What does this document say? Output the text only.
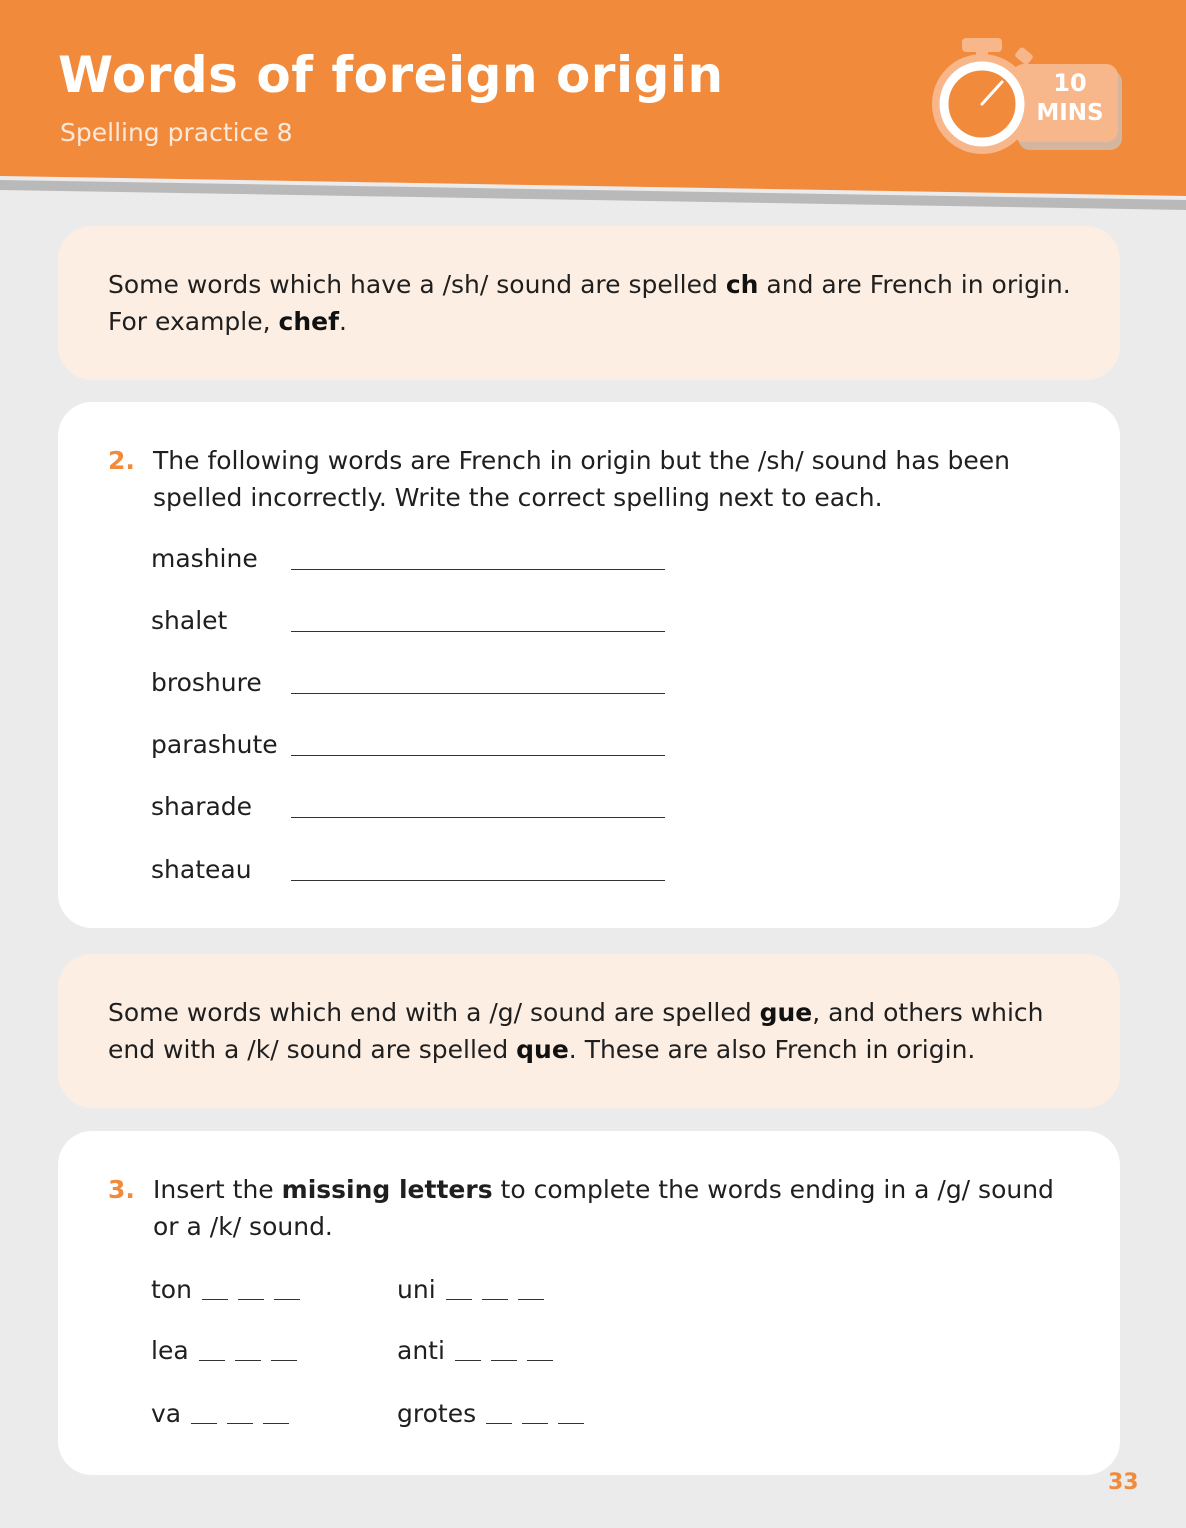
Words of foreign origin
Spelling practice 8
10
MINS
Some words which have a /sh/ sound are spelled ch and are French in origin. For example, chef.
2. The following words are French in origin but the /sh/ sound has been spelled incorrectly. Write the correct spelling next to each.
mashine
shalet
broshure
parashute
sharade
shateau
Some words which end with a /g/ sound are spelled gue, and others which end with a /k/ sound are spelled que. These are also French in origin.
3. Insert the missing letters to complete the words ending in a /g/ sound or a /k/ sound.
ton
lea
va
uni
anti
grotes
33
